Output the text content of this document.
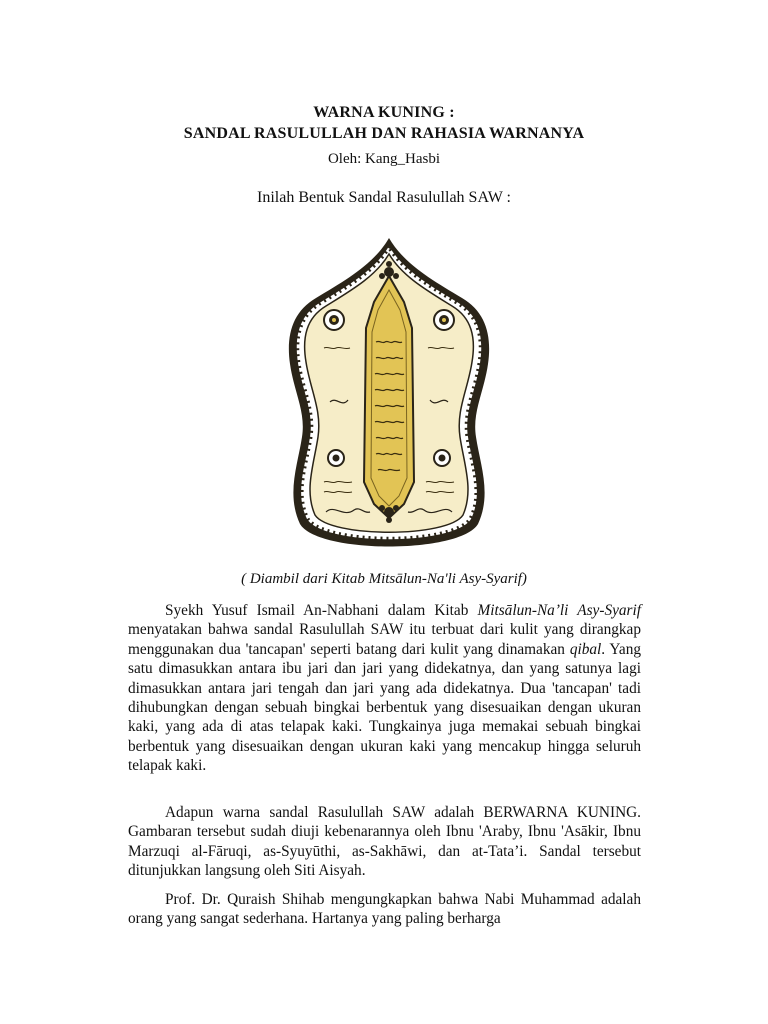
WARNA KUNING :
SANDAL RASULULLAH DAN RAHASIA WARNANYA
Oleh: Kang_Hasbi
Inilah Bentuk Sandal Rasulullah SAW :
( Diambil dari Kitab Mitsālun-Na'li Asy-Syarif)

Syekh Yusuf Ismail An-Nabhani dalam Kitab Mitsālun-Na’li Asy-Syarif menyatakan bahwa sandal Rasulullah SAW itu terbuat dari kulit yang dirangkap menggunakan dua 'tancapan' seperti batang dari kulit yang dinamakan qibal. Yang satu dimasukkan antara ibu jari dan jari yang didekatnya, dan yang satunya lagi dimasukkan antara jari tengah dan jari yang ada didekatnya. Dua 'tancapan' tadi dihubungkan dengan sebuah bingkai berbentuk yang disesuaikan dengan ukuran kaki, yang ada di atas telapak kaki. Tungkainya juga memakai sebuah bingkai berbentuk yang disesuaikan dengan ukuran kaki yang mencakup hingga seluruh telapak kaki.

Adapun warna sandal Rasulullah SAW adalah BERWARNA KUNING. Gambaran tersebut sudah diuji kebenarannya oleh Ibnu 'Araby, Ibnu 'Asākir, Ibnu Marzuqi al-Fāruqi, as-Syuyūthi, as-Sakhāwi, dan at-Tata’i. Sandal tersebut ditunjukkan langsung oleh Siti Aisyah.

Prof. Dr. Quraish Shihab mengungkapkan bahwa Nabi Muhammad adalah orang yang sangat sederhana. Hartanya yang paling berharga
